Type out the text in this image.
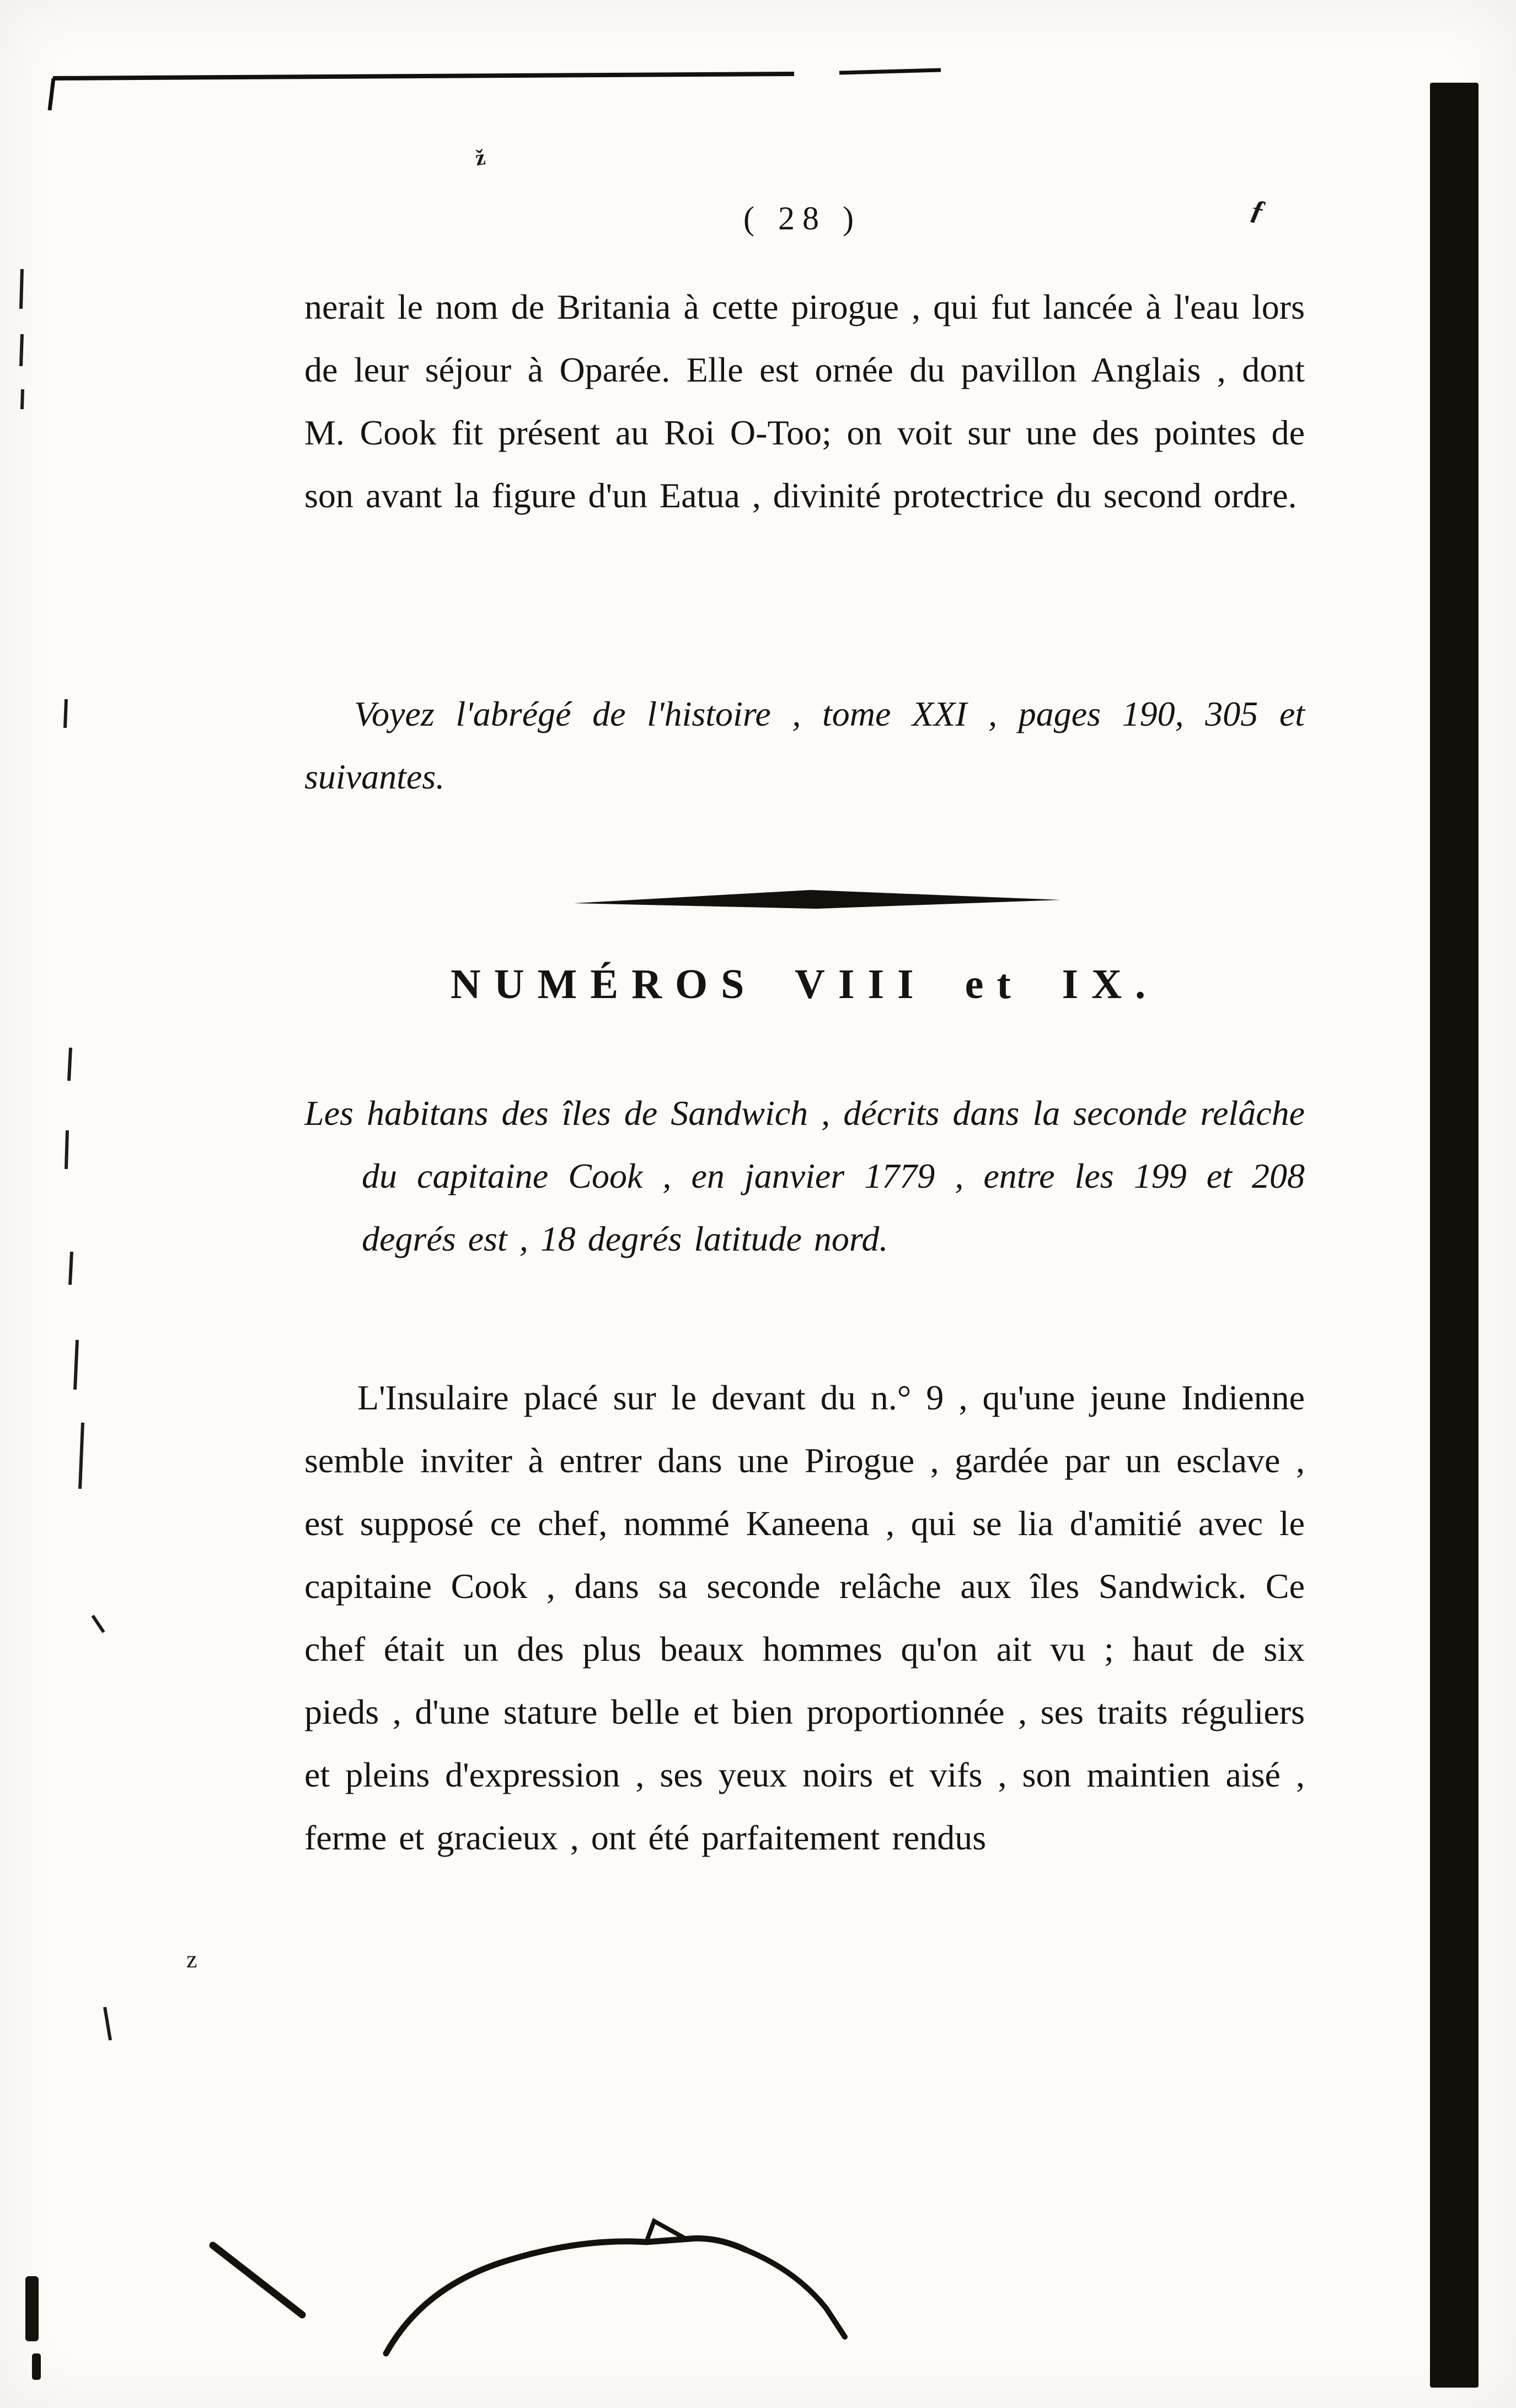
( 28 )

nerait le nom de Britania à cette pirogue , qui fut lancée à l'eau lors de leur séjour à Oparée. Elle est ornée du pavillon Anglais , dont M. Cook fit présent au Roi O-Too; on voit sur une des pointes de son avant la figure d'un Eatua , divinité protectrice du second ordre.

Voyez l'abrégé de l'histoire , tome XXI , pages 190, 305 et suivantes.

NUMÉROS VIII et IX.

Les habitans des îles de Sandwich , décrits dans la seconde relâche du capitaine Cook , en janvier 1779 , entre les 199 et 208 degrés est , 18 degrés latitude nord.

L'Insulaire placé sur le devant du n.° 9 , qu'une jeune Indienne semble inviter à entrer dans une Pirogue , gardée par un esclave , est supposé ce chef, nommé Kaneena , qui se lia d'amitié avec le capitaine Cook , dans sa seconde relâche aux îles Sandwick. Ce chef était un des plus beaux hommes qu'on ait vu ; haut de six pieds , d'une stature belle et bien proportionnée , ses traits réguliers et pleins d'expression , ses yeux noirs et vifs , son maintien aisé , ferme et gracieux , ont été parfaitement rendus

ž
ƒ
z
